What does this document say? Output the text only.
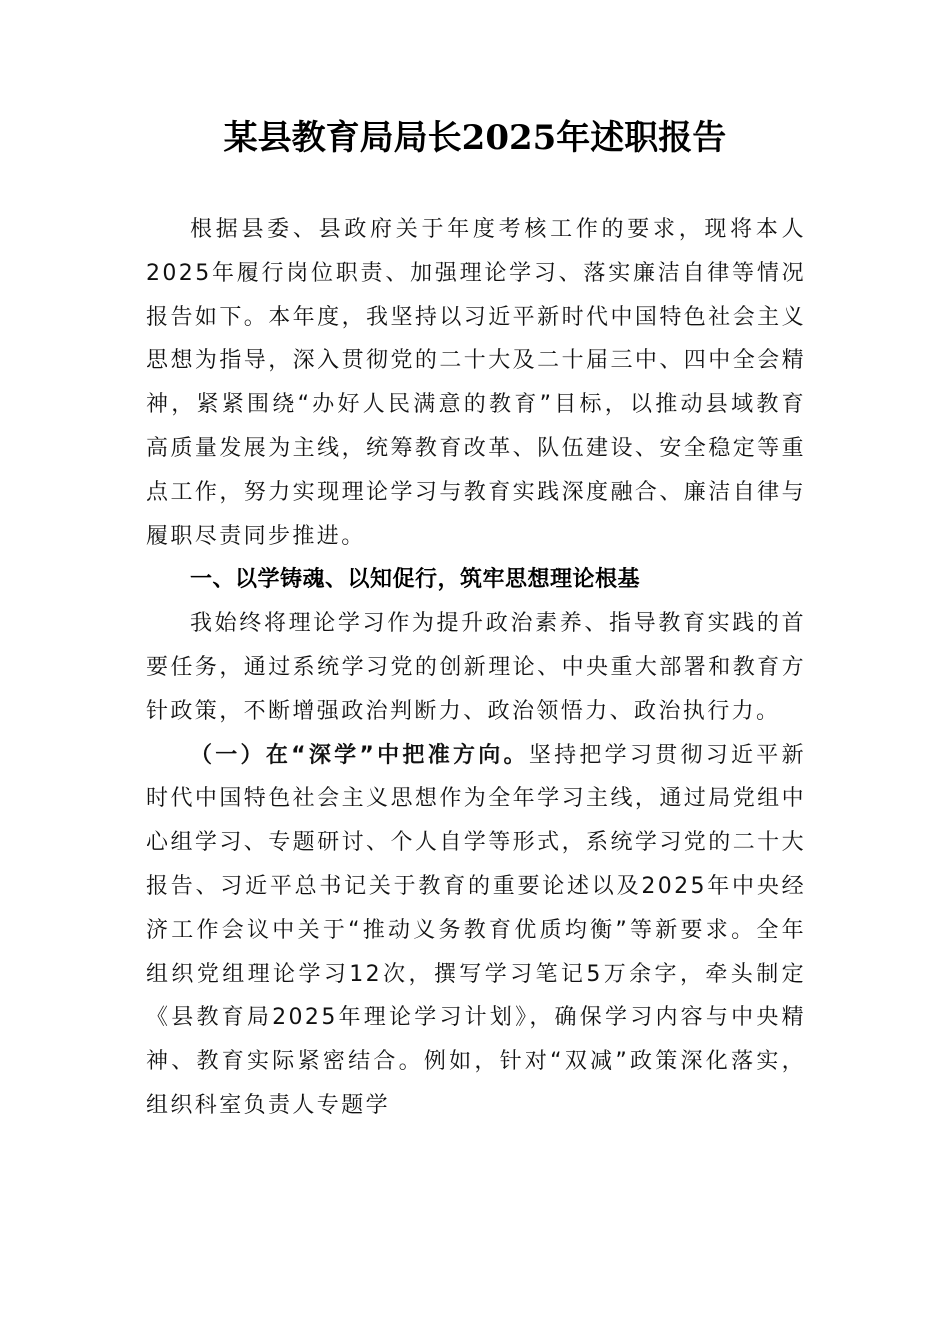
某县教育局局长2025年述职报告

根据县委、县政府关于年度考核工作的要求，现将本人2025年履行岗位职责、加强理论学习、落实廉洁自律等情况报告如下。本年度，我坚持以习近平新时代中国特色社会主义思想为指导，深入贯彻党的二十大及二十届三中、四中全会精神，紧紧围绕“办好人民满意的教育”目标，以推动县域教育高质量发展为主线，统筹教育改革、队伍建设、安全稳定等重点工作，努力实现理论学习与教育实践深度融合、廉洁自律与履职尽责同步推进。

一、以学铸魂、以知促行，筑牢思想理论根基

我始终将理论学习作为提升政治素养、指导教育实践的首要任务，通过系统学习党的创新理论、中央重大部署和教育方针政策，不断增强政治判断力、政治领悟力、政治执行力。

（一）在“深学”中把准方向。坚持把学习贯彻习近平新时代中国特色社会主义思想作为全年学习主线，通过局党组中心组学习、专题研讨、个人自学等形式，系统学习党的二十大报告、习近平总书记关于教育的重要论述以及2025年中央经济工作会议中关于“推动义务教育优质均衡”等新要求。全年组织党组理论学习12次，撰写学习笔记5万余字，牵头制定《县教育局2025年理论学习计划》，确保学习内容与中央精神、教育实际紧密结合。例如，针对“双减”政策深化落实，组织科室负责人专题学
